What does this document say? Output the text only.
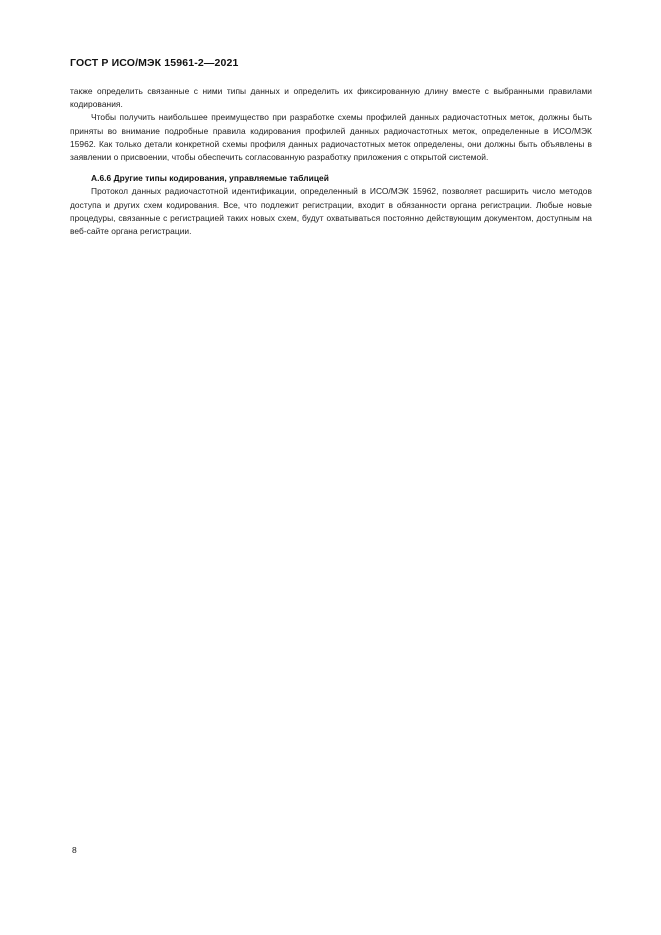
ГОСТ Р ИСО/МЭК 15961-2—2021

также определить связанные с ними типы данных и определить их фиксированную длину вместе с выбранными правилами кодирования.

Чтобы получить наибольшее преимущество при разработке схемы профилей данных радиочастотных меток, должны быть приняты во внимание подробные правила кодирования профилей данных радиочастотных меток, определенные в ИСО/МЭК 15962. Как только детали конкретной схемы профиля данных радиочастотных меток определены, они должны быть объявлены в заявлении о присвоении, чтобы обеспечить согласованную разработку приложения с открытой системой.

А.6.6 Другие типы кодирования, управляемые таблицей

Протокол данных радиочастотной идентификации, определенный в ИСО/МЭК 15962, позволяет расширить число методов доступа и других схем кодирования. Все, что подлежит регистрации, входит в обязанности органа регистрации. Любые новые процедуры, связанные с регистрацией таких новых схем, будут охватываться постоянно действующим документом, доступным на веб-сайте органа регистрации.

8
